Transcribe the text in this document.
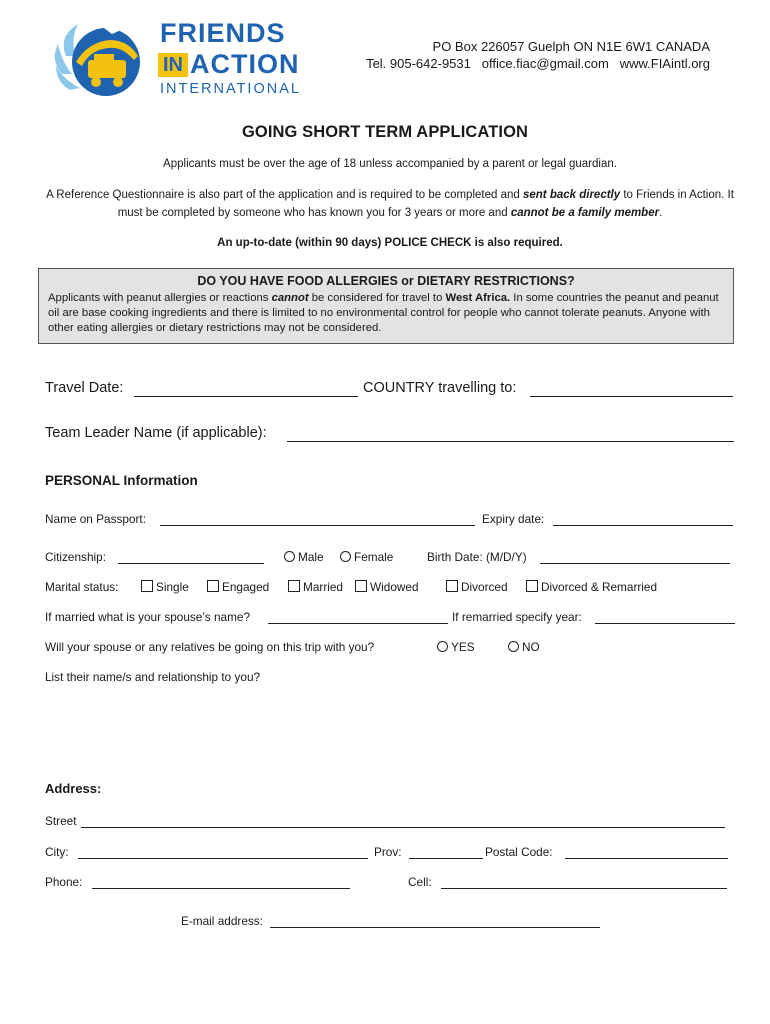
FRIENDS
IN ACTION
INTERNATIONAL
PO Box 226057 Guelph ON N1E 6W1 CANADA
Tel. 905-642-9531 office.fiac@gmail.com www.FIAintl.org
GOING SHORT TERM APPLICATION
Applicants must be over the age of 18 unless accompanied by a parent or legal guardian.
A Reference Questionnaire is also part of the application and is required to be completed and sent back directly to Friends in Action. It must be completed by someone who has known you for 3 years or more and cannot be a family member.
An up-to-date (within 90 days) POLICE CHECK is also required.
DO YOU HAVE FOOD ALLERGIES or DIETARY RESTRICTIONS?
Applicants with peanut allergies or reactions cannot be considered for travel to West Africa. In some countries the peanut and peanut oil are base cooking ingredients and there is limited to no environmental control for people who cannot tolerate peanuts. Anyone with other eating allergies or dietary restrictions may not be considered.
Travel Date:	COUNTRY travelling to:
Team Leader Name (if applicable):
PERSONAL Information
Name on Passport:	Expiry date:
Citizenship:	Male	Female	Birth Date: (M/D/Y)
Marital status:	Single	Engaged	Married	Widowed	Divorced	Divorced & Remarried
If married what is your spouse’s name?	If remarried specify year:
Will your spouse or any relatives be going on this trip with you?	YES	NO
List their name/s and relationship to you?
Address:
Street
City:	Prov:	Postal Code:
Phone:	Cell:
E-mail address:
